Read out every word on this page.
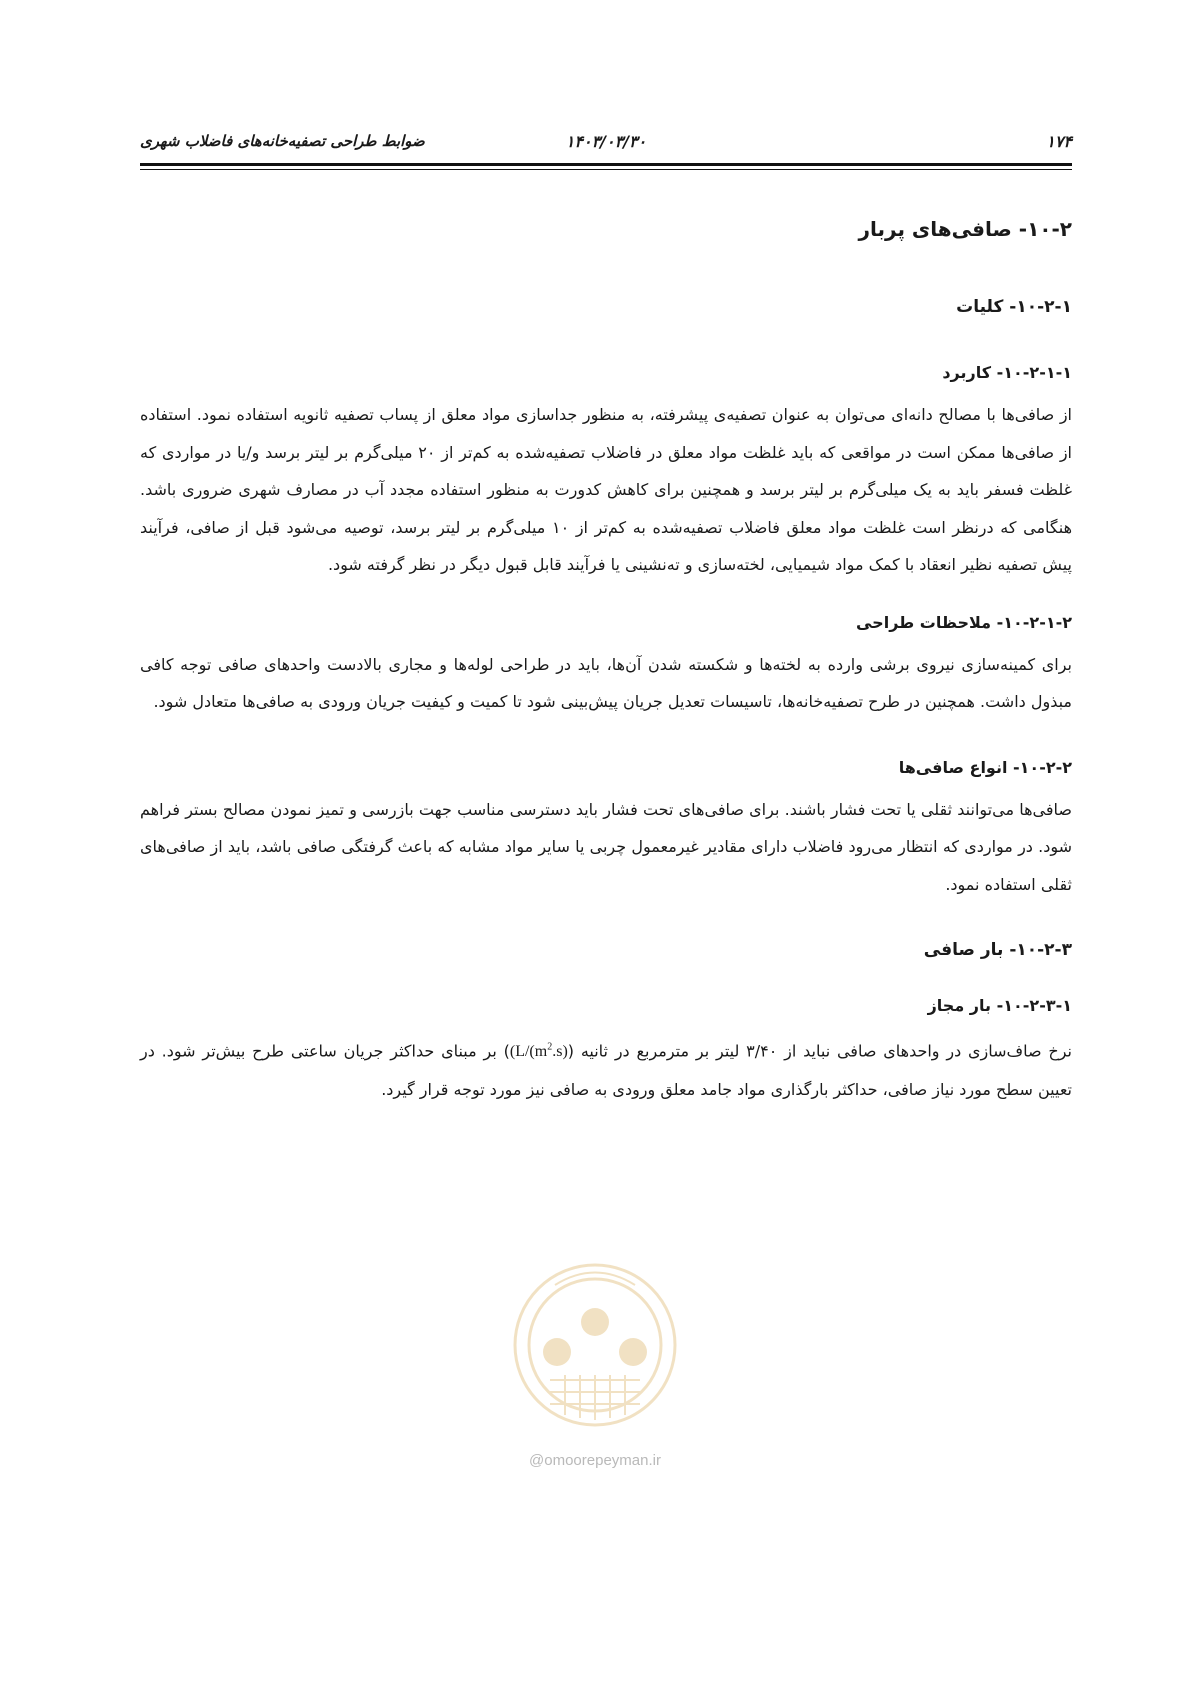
۱۷۴
۱۴۰۳/۰۳/۳۰
ضوابط طراحی تصفیه‌خانه‌های فاضلاب شهری
۱۰-۲- صافی‌های پربار
۱۰-۲-۱- کلیات
۱۰-۲-۱-۱- کاربرد

از صافی‌ها با مصالح دانه‌ای می‌توان به عنوان تصفیه‌ی پیشرفته، به منظور جداسازی مواد معلق از پساب تصفیه ثانویه استفاده نمود. استفاده از صافی‌ها ممکن است در مواقعی که باید غلظت مواد معلق در فاضلاب تصفیه‌شده به کم‌تر از ۲۰ میلی‌گرم بر لیتر برسد و/یا در مواردی که غلظت فسفر باید به یک میلی‌گرم بر لیتر برسد و همچنین برای کاهش کدورت به منظور استفاده مجدد آب در مصارف شهری ضروری باشد. هنگامی که درنظر است غلظت مواد معلق فاضلاب تصفیه‌شده به کم‌تر از ۱۰ میلی‌گرم بر لیتر برسد، توصیه می‌شود قبل از صافی، فرآیند پیش تصفیه نظیر انعقاد با کمک مواد شیمیایی، لخته‌سازی و ته‌نشینی یا فرآیند قابل قبول دیگر در نظر گرفته شود.

۱۰-۲-۱-۲- ملاحظات طراحی

برای کمینه‌سازی نیروی برشی وارده به لخته‌ها و شکسته شدن آن‌ها، باید در طراحی لوله‌ها و مجاری بالادست واحدهای صافی توجه کافی مبذول داشت. همچنین در طرح تصفیه‌خانه‌ها، تاسیسات تعدیل جریان پیش‌بینی شود تا کمیت و کیفیت جریان ورودی به صافی‌ها متعادل شود.

۱۰-۲-۲- انواع صافی‌ها

صافی‌ها می‌توانند ثقلی یا تحت فشار باشند. برای صافی‌های تحت فشار باید دسترسی مناسب جهت بازرسی و تمیز نمودن مصالح بستر فراهم شود. در مواردی که انتظار می‌رود فاضلاب دارای مقادیر غیرمعمول چربی یا سایر مواد مشابه که باعث گرفتگی صافی باشد، باید از صافی‌های ثقلی استفاده نمود.

۱۰-۲-۳- بار صافی
۱۰-۲-۳-۱- بار مجاز

نرخ صاف‌سازی در واحدهای صافی نباید از ۳/۴۰ لیتر بر مترمربع در ثانیه ($(L/(m^2.s))$ بر مبنای حداکثر جریان ساعتی طرح بیش‌تر شود. در تعیین سطح مورد نیاز صافی، حداکثر بارگذاری مواد جامد معلق ورودی به صافی نیز مورد توجه قرار گیرد.

@omoorepeyman.ir
